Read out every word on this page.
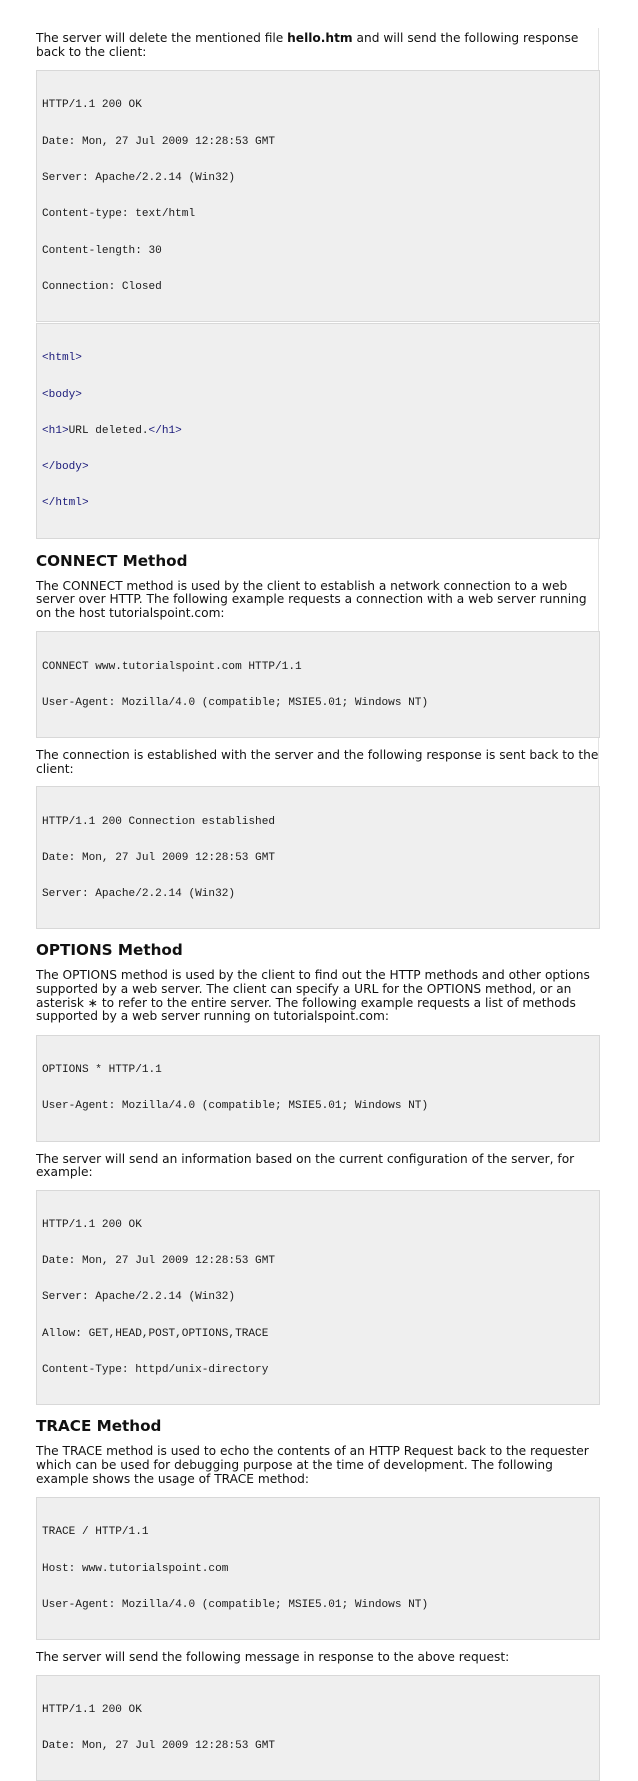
The server will delete the mentioned file hello.htm and will send the following response back to the client:

HTTP/1.1 200 OK

Date: Mon, 27 Jul 2009 12:28:53 GMT

Server: Apache/2.2.14 (Win32)

Content-type: text/html

Content-length: 30

Connection: Closed

<html>

<body>

<h1>URL deleted.</h1>

</body>

</html>

CONNECT Method

The CONNECT method is used by the client to establish a network connection to a web server over HTTP. The following example requests a connection with a web server running on the host tutorialspoint.com:

CONNECT www.tutorialspoint.com HTTP/1.1

User-Agent: Mozilla/4.0 (compatible; MSIE5.01; Windows NT)

The connection is established with the server and the following response is sent back to the client:

HTTP/1.1 200 Connection established

Date: Mon, 27 Jul 2009 12:28:53 GMT

Server: Apache/2.2.14 (Win32)

OPTIONS Method

The OPTIONS method is used by the client to find out the HTTP methods and other options supported by a web server. The client can specify a URL for the OPTIONS method, or an asterisk ∗ to refer to the entire server. The following example requests a list of methods supported by a web server running on tutorialspoint.com:

OPTIONS * HTTP/1.1

User-Agent: Mozilla/4.0 (compatible; MSIE5.01; Windows NT)

The server will send an information based on the current configuration of the server, for example:

HTTP/1.1 200 OK

Date: Mon, 27 Jul 2009 12:28:53 GMT

Server: Apache/2.2.14 (Win32)

Allow: GET,HEAD,POST,OPTIONS,TRACE

Content-Type: httpd/unix-directory

TRACE Method

The TRACE method is used to echo the contents of an HTTP Request back to the requester which can be used for debugging purpose at the time of development. The following example shows the usage of TRACE method:

TRACE / HTTP/1.1

Host: www.tutorialspoint.com

User-Agent: Mozilla/4.0 (compatible; MSIE5.01; Windows NT)

The server will send the following message in response to the above request:

HTTP/1.1 200 OK

Date: Mon, 27 Jul 2009 12:28:53 GMT
